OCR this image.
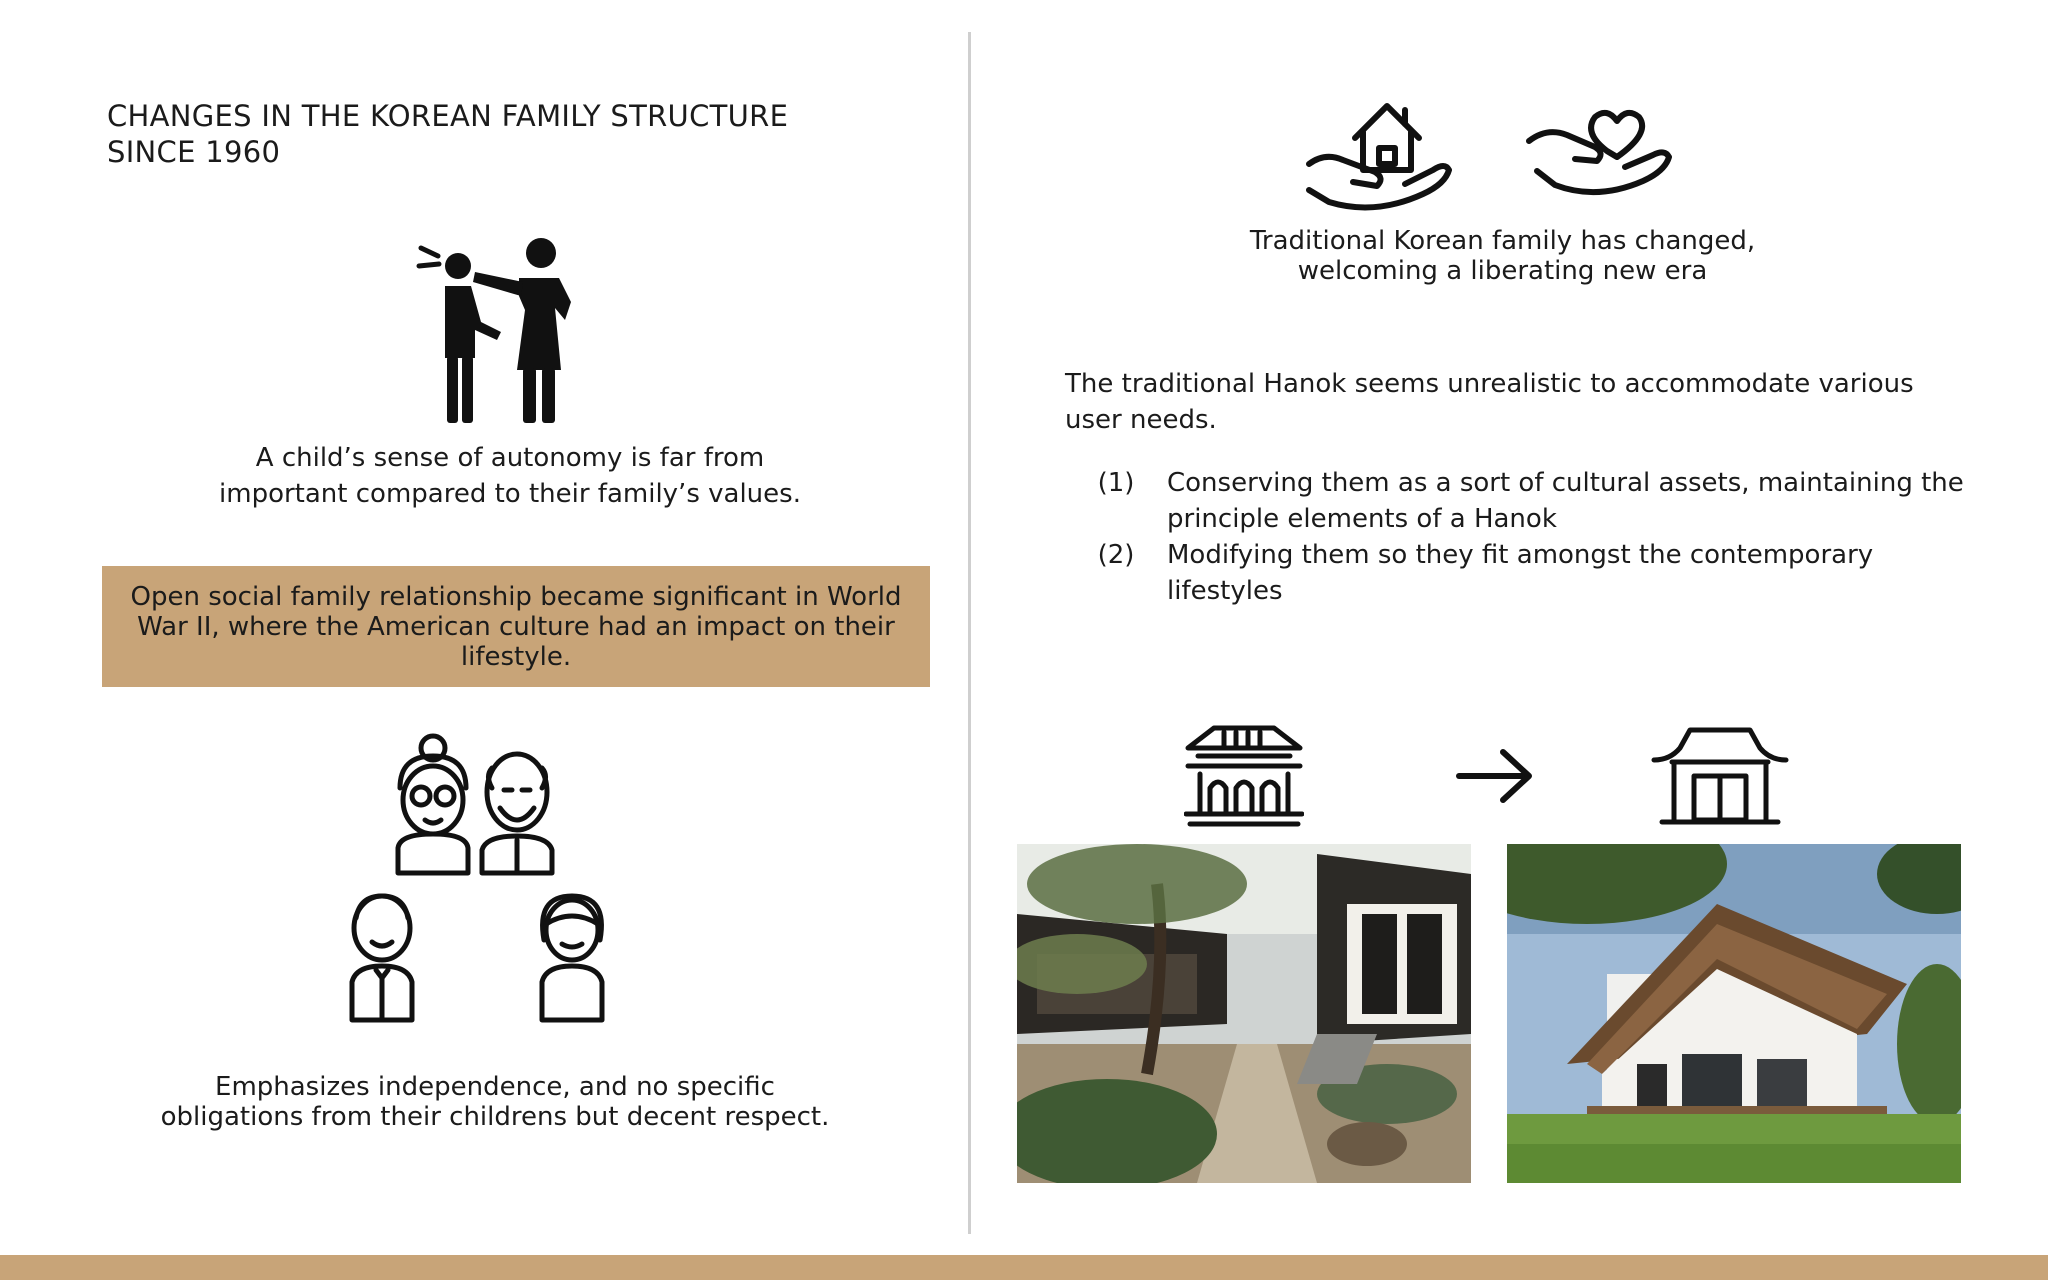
CHANGES IN THE KOREAN FAMILY STRUCTURE
SINCE 1960
A child’s sense of autonomy is far from
important compared to their family’s values.
Open social family relationship became significant in World War II, where the American culture had an impact on their lifestyle.
Emphasizes independence, and no specific obligations from their childrens but decent respect.
Traditional Korean family has changed,
welcoming a liberating new era
The traditional Hanok seems unrealistic to accommodate various user needs.
(1)	Conserving them as a sort of cultural assets, maintaining the principle elements of a Hanok
(2)	Modifying them so they fit amongst the contemporary lifestyles
